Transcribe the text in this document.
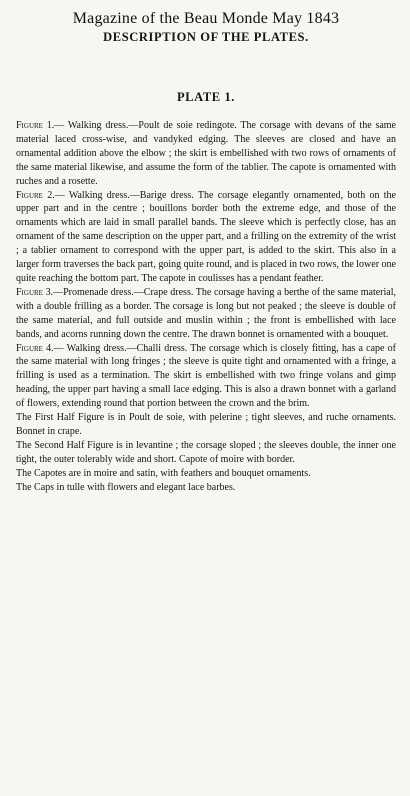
Magazine of the Beau Monde May 1843
DESCRIPTION OF THE PLATES.
PLATE 1.

Figure 1.— Walking dress.—Poult de soie redingote. The corsage with devans of the same material laced cross-wise, and vandyked edging. The sleeves are closed and have an ornamental addition above the elbow ; the skirt is embellished with two rows of ornaments of the same material likewise, and assume the form of the tablier. The capote is ornamented with ruches and a rosette.

Figure 2.— Walking dress.—Barige dress. The corsage elegantly ornamented, both on the upper part and in the centre ; bouillons border both the extreme edge, and those of the ornaments which are laid in small parallel bands. The sleeve which is perfectly close, has an ornament of the same description on the upper part, and a frilling on the extremity of the wrist ; a tablier ornament to correspond with the upper part, is added to the skirt. This also in a larger form traverses the back part, going quite round, and is placed in two rows, the lower one quite reaching the bottom part. The capote in coulisses has a pendant feather.

Figure 3.—Promenade dress.—Crape dress. The corsage having a berthe of the same material, with a double frilling as a border. The corsage is long but not peaked ; the sleeve is double of the same material, and full outside and muslin within ; the front is embellished with lace bands, and acorns running down the centre. The drawn bonnet is ornamented with a bouquet.

Figure 4.— Walking dress.—Challi dress. The corsage which is closely fitting, has a cape of the same material with long fringes ; the sleeve is quite tight and ornamented with a fringe, a frilling is used as a termination. The skirt is embellished with two fringe volans and gimp heading, the upper part having a small lace edging. This is also a drawn bonnet with a garland of flowers, extending round that portion between the crown and the brim.

The First Half Figure is in Poult de soie, with pelerine ; tight sleeves, and ruche ornaments. Bonnet in crape.

The Second Half Figure is in levantine ; the corsage sloped ; the sleeves double, the inner one tight, the outer tolerably wide and short. Capote of moire with border.

The Capotes are in moire and satin, with feathers and bouquet ornaments.

The Caps in tulle with flowers and elegant lace barbes.
